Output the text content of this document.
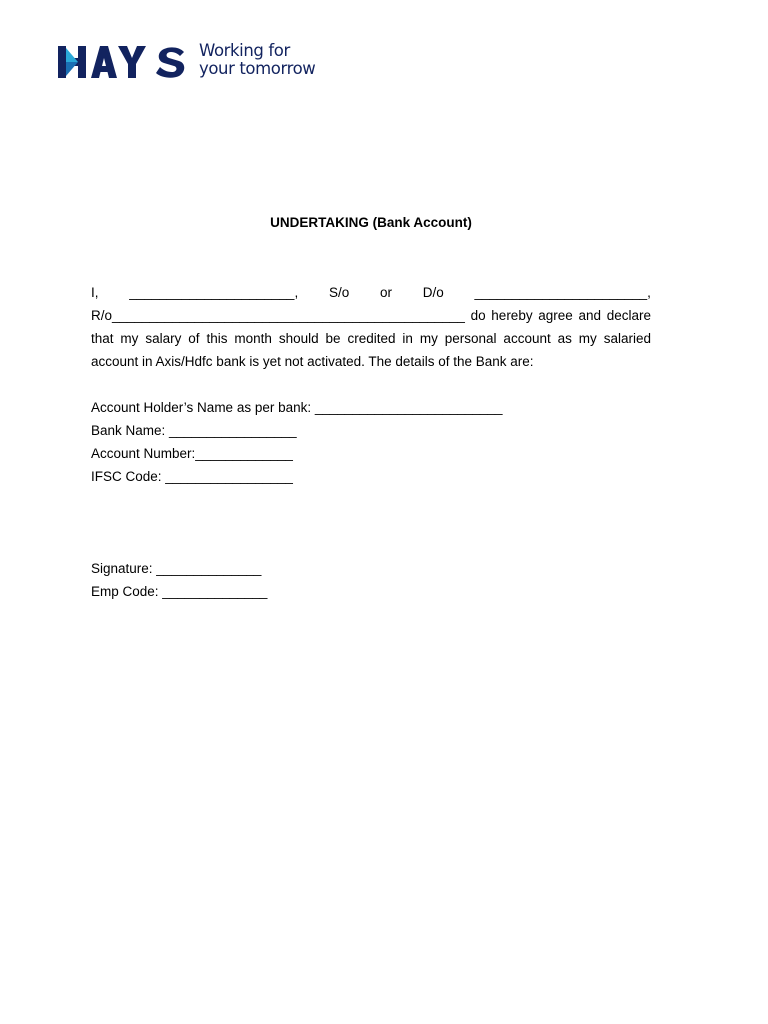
Working for
your tomorrow
UNDERTAKING (Bank Account)
I, ______________________, S/o or D/o _______________________,
R/o_______________________________________________ do hereby agree and declare
that my salary of this month should be credited in my personal account as my salaried
account in Axis/Hdfc bank is yet not activated. The details of the Bank are:
Account Holder’s Name as per bank: _________________________
Bank Name: _________________
Account Number:_____________
IFSC Code: _________________
Signature: ______________
Emp Code: ______________
